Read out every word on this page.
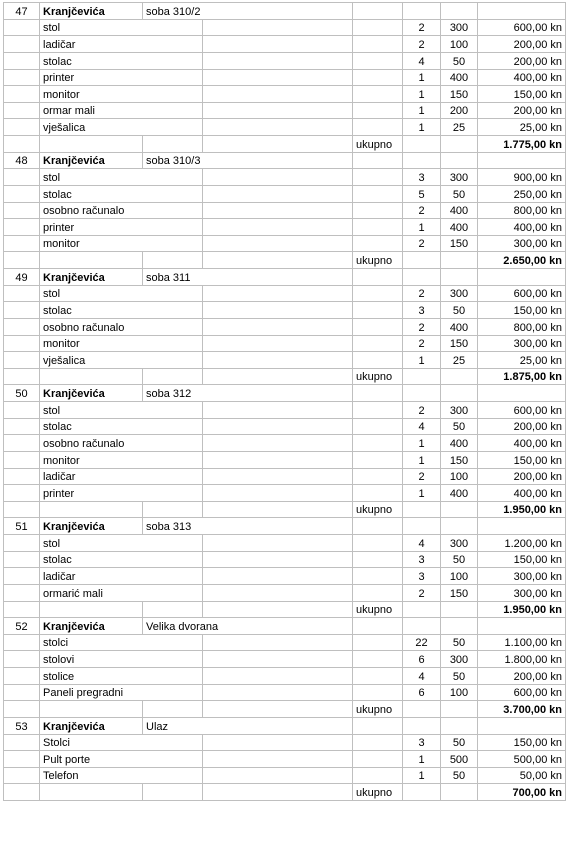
47	Kranjčevića	soba 310/2					
	stol				2	300	600,00 kn
	ladičar				2	100	200,00 kn
	stolac				4	50	200,00 kn
	printer				1	400	400,00 kn
	monitor				1	150	150,00 kn
	ormar mali				1	200	200,00 kn
	vješalica				1	25	25,00 kn
				ukupno			1.775,00 kn
48	Kranjčevića	soba 310/3					
	stol				3	300	900,00 kn
	stolac				5	50	250,00 kn
	osobno računalo				2	400	800,00 kn
	printer				1	400	400,00 kn
	monitor				2	150	300,00 kn
				ukupno			2.650,00 kn
49	Kranjčevića	soba 311					
	stol				2	300	600,00 kn
	stolac				3	50	150,00 kn
	osobno računalo				2	400	800,00 kn
	monitor				2	150	300,00 kn
	vješalica				1	25	25,00 kn
				ukupno			1.875,00 kn
50	Kranjčevića	soba 312					
	stol				2	300	600,00 kn
	stolac				4	50	200,00 kn
	osobno računalo				1	400	400,00 kn
	monitor				1	150	150,00 kn
	ladičar				2	100	200,00 kn
	printer				1	400	400,00 kn
				ukupno			1.950,00 kn
51	Kranjčevića	soba 313					
	stol				4	300	1.200,00 kn
	stolac				3	50	150,00 kn
	ladičar				3	100	300,00 kn
	ormarić mali				2	150	300,00 kn
				ukupno			1.950,00 kn
52	Kranjčevića	Velika dvorana					
	stolci				22	50	1.100,00 kn
	stolovi				6	300	1.800,00 kn
	stolice				4	50	200,00 kn
	Paneli pregradni				6	100	600,00 kn
				ukupno			3.700,00 kn
53	Kranjčevića	Ulaz					
	Stolci				3	50	150,00 kn
	Pult porte				1	500	500,00 kn
	Telefon				1	50	50,00 kn
				ukupno			700,00 kn
